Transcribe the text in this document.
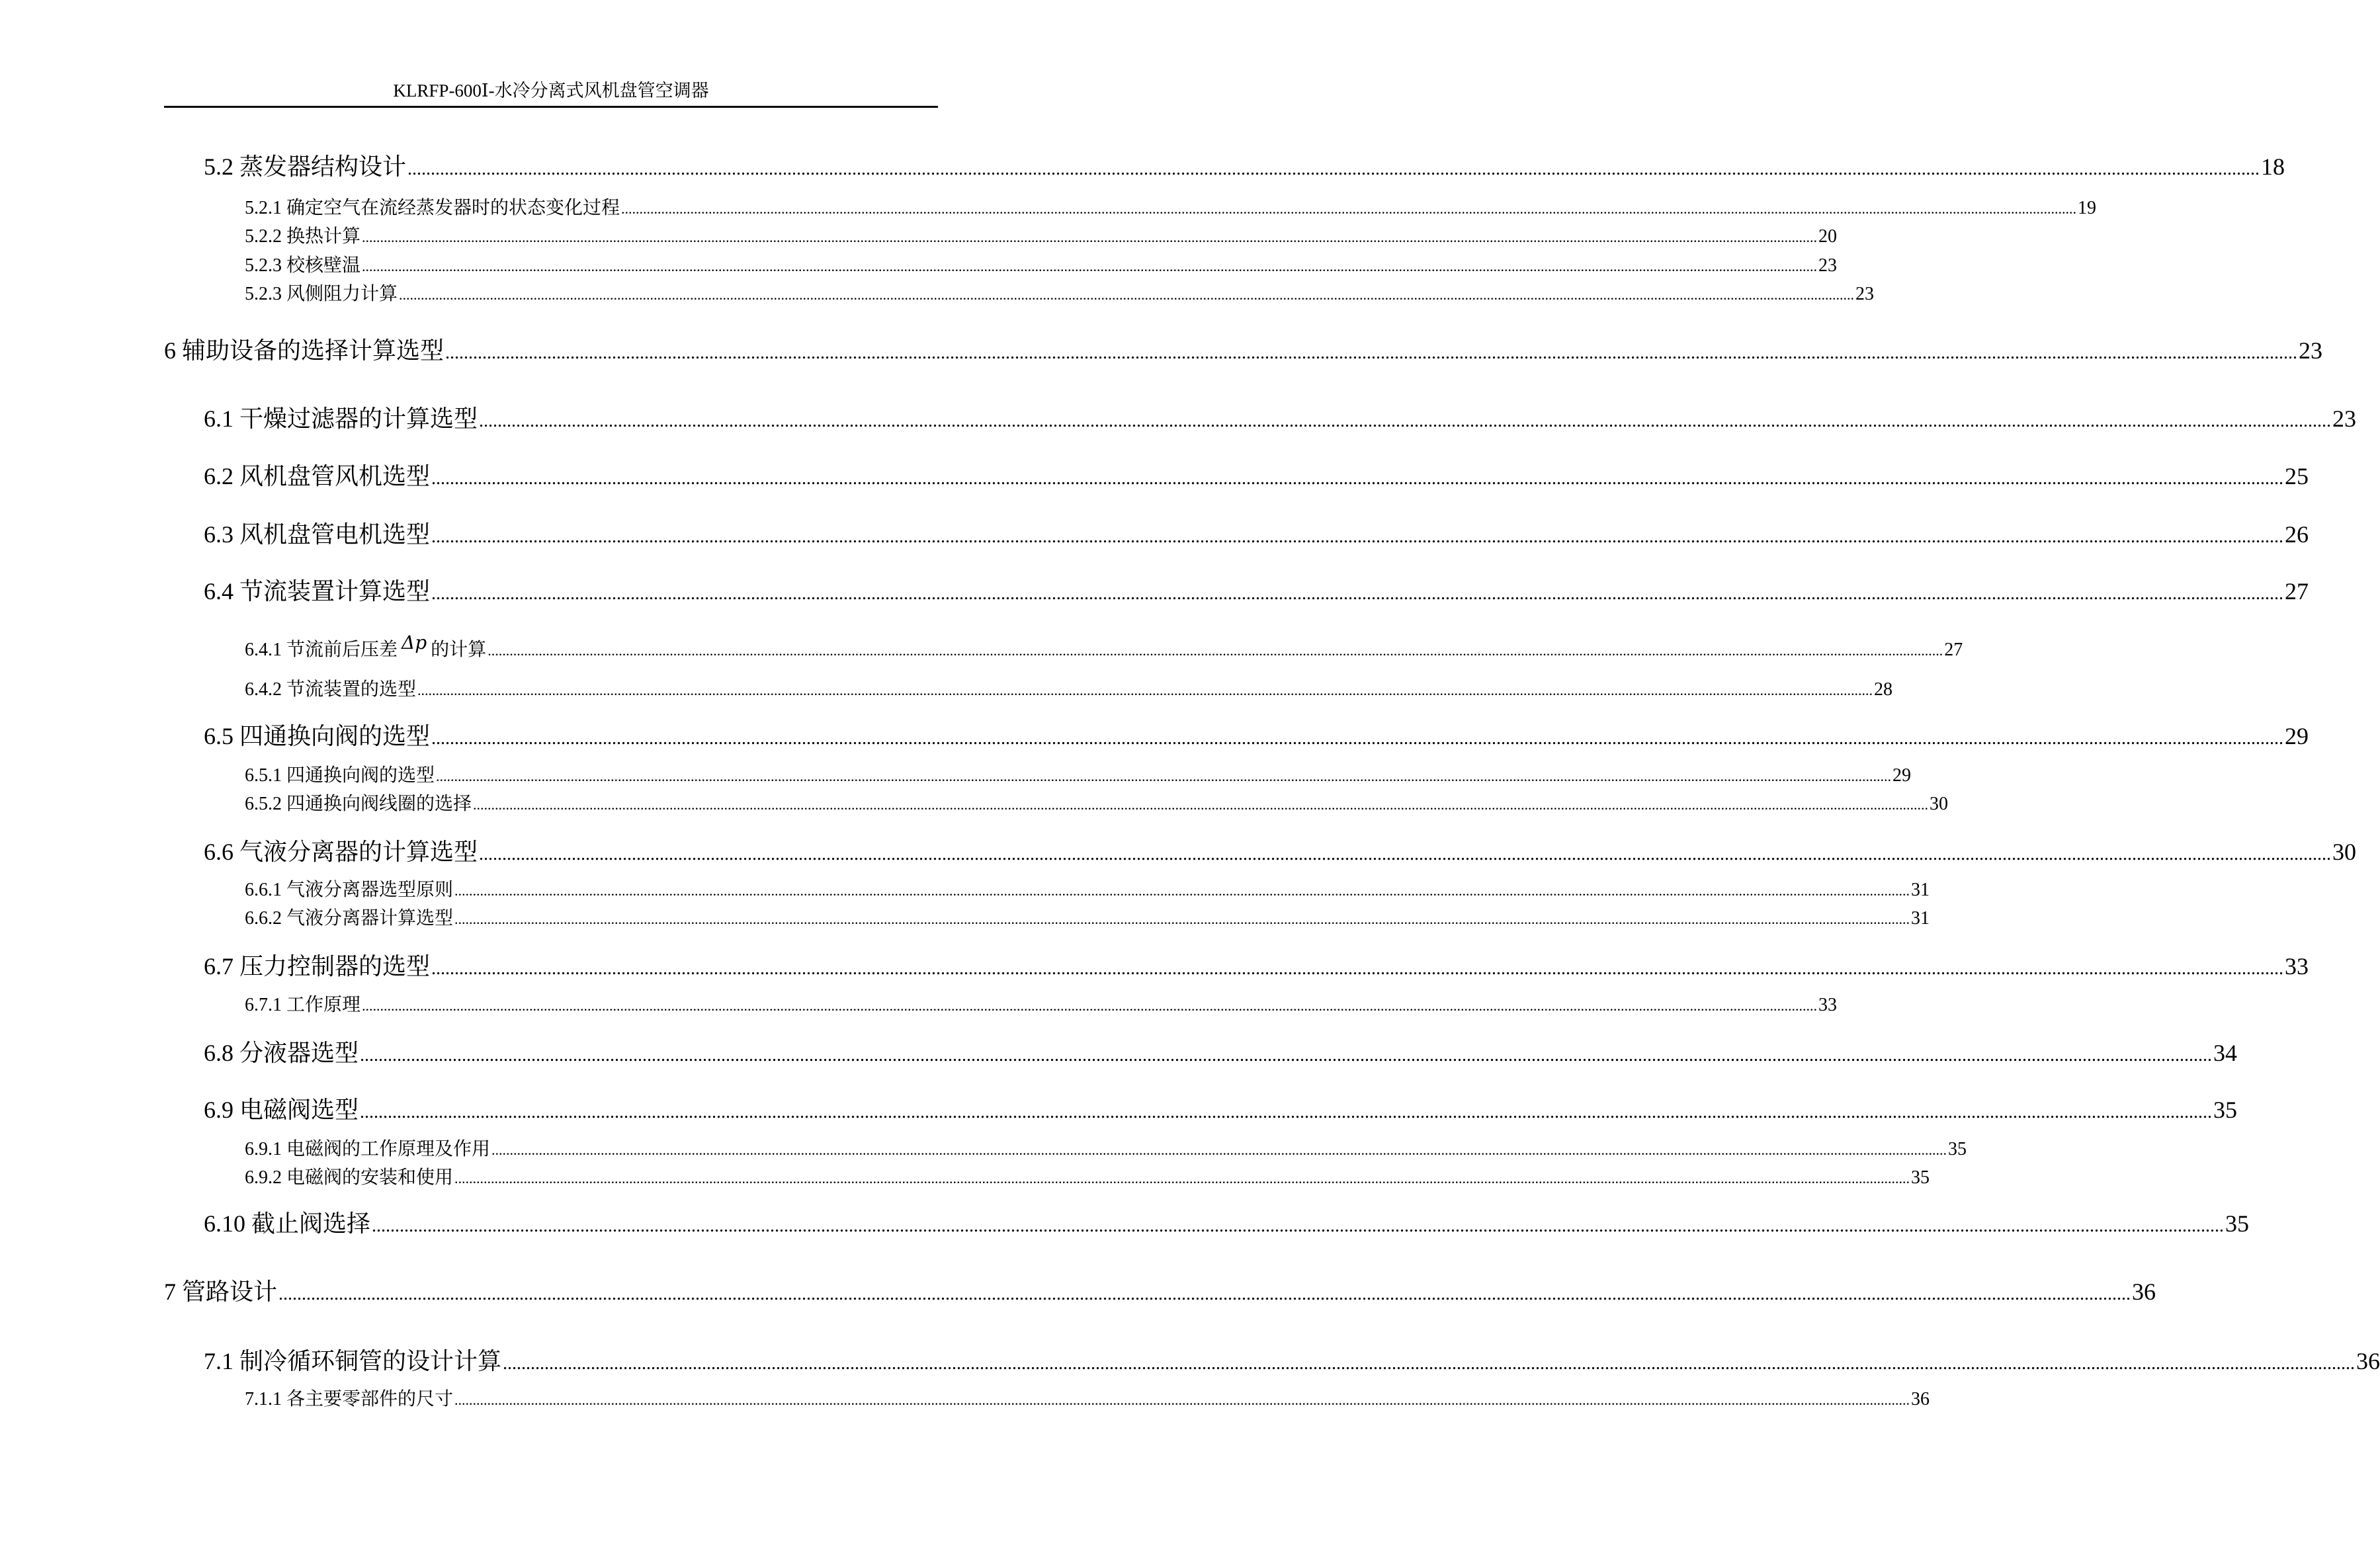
KLRFP-600Ⅰ-水冷分离式风机盘管空调器
5.2 蒸发器结构设计 ................................................................................................................................................................................................................................................................................................................................................................................................................ 18
5.2.1 确定空气在流经蒸发器时的状态变化过程 ................................................................................................................................................................................................................................................................................................................................................................................................................ 19
5.2.2 换热计算 ................................................................................................................................................................................................................................................................................................................................................................................................................ 20
5.2.3 校核壁温 ................................................................................................................................................................................................................................................................................................................................................................................................................ 23
5.2.3 风侧阻力计算 ................................................................................................................................................................................................................................................................................................................................................................................................................ 23
6 辅助设备的选择计算选型 ................................................................................................................................................................................................................................................................................................................................................................................................................ 23
6.1 干燥过滤器的计算选型 ................................................................................................................................................................................................................................................................................................................................................................................................................ 23
6.2 风机盘管风机选型 ................................................................................................................................................................................................................................................................................................................................................................................................................ 25
6.3 风机盘管电机选型 ................................................................................................................................................................................................................................................................................................................................................................................................................ 26
6.4 节流装置计算选型 ................................................................................................................................................................................................................................................................................................................................................................................................................ 27
6.4.1 节流前后压差 Δp 的计算 ................................................................................................................................................................................................................................................................................................................................................................................................................ 27
6.4.2 节流装置的选型 ................................................................................................................................................................................................................................................................................................................................................................................................................ 28
6.5 四通换向阀的选型 ................................................................................................................................................................................................................................................................................................................................................................................................................ 29
6.5.1 四通换向阀的选型 ................................................................................................................................................................................................................................................................................................................................................................................................................ 29
6.5.2 四通换向阀线圈的选择 ................................................................................................................................................................................................................................................................................................................................................................................................................ 30
6.6 气液分离器的计算选型 ................................................................................................................................................................................................................................................................................................................................................................................................................ 30
6.6.1 气液分离器选型原则 ................................................................................................................................................................................................................................................................................................................................................................................................................ 31
6.6.2 气液分离器计算选型 ................................................................................................................................................................................................................................................................................................................................................................................................................ 31
6.7 压力控制器的选型 ................................................................................................................................................................................................................................................................................................................................................................................................................ 33
6.7.1 工作原理 ................................................................................................................................................................................................................................................................................................................................................................................................................ 33
6.8 分液器选型 ................................................................................................................................................................................................................................................................................................................................................................................................................ 34
6.9 电磁阀选型 ................................................................................................................................................................................................................................................................................................................................................................................................................ 35
6.9.1 电磁阀的工作原理及作用 ................................................................................................................................................................................................................................................................................................................................................................................................................ 35
6.9.2 电磁阀的安装和使用 ................................................................................................................................................................................................................................................................................................................................................................................................................ 35
6.10 截止阀选择 ................................................................................................................................................................................................................................................................................................................................................................................................................ 35
7 管路设计 ................................................................................................................................................................................................................................................................................................................................................................................................................ 36
7.1 制冷循环铜管的设计计算 ................................................................................................................................................................................................................................................................................................................................................................................................................ 36
7.1.1 各主要零部件的尺寸 ................................................................................................................................................................................................................................................................................................................................................................................................................ 36
